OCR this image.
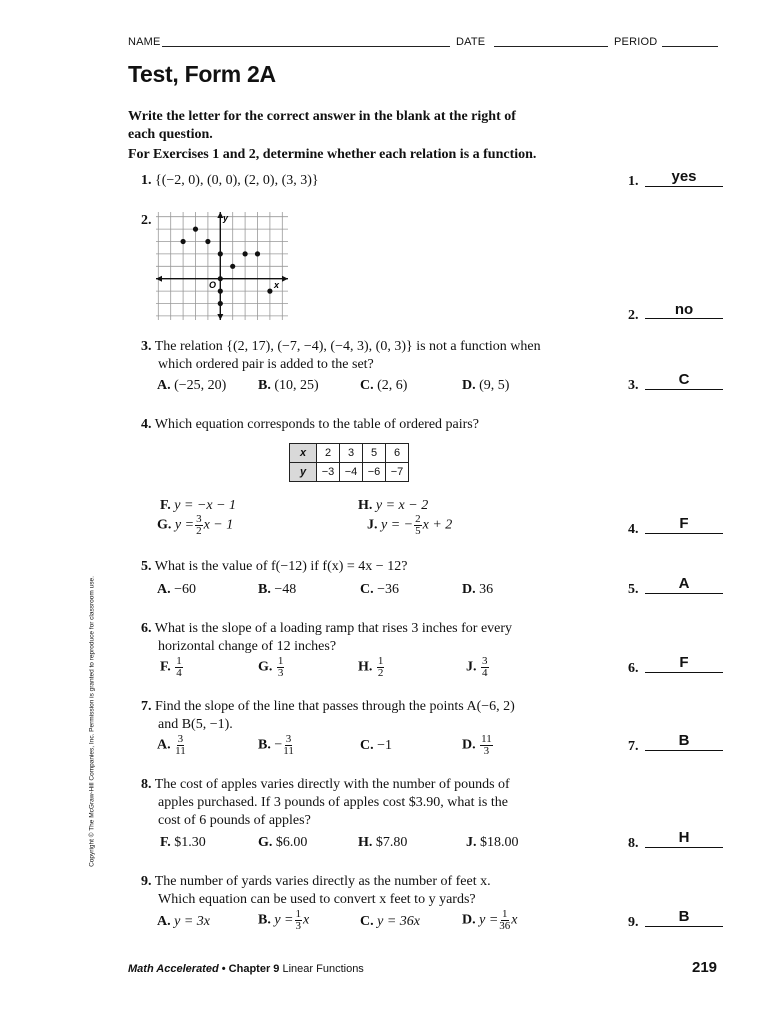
NAME	DATE	PERIOD
Test, Form 2A
Write the letter for the correct answer in the blank at the right of
each question.
For Exercises 1 and 2, determine whether each relation is a function.
1. {(−2, 0), (0, 0), (2, 0), (3, 3)}	1.	yes
2.	y
x
O
2.	no
3. The relation {(2, 17), (−7, −4), (−4, 3), (0, 3)} is not a function when
which ordered pair is added to the set?
A. (−25, 20) B. (10, 25)	C. (2, 6)	D. (9, 5)	3.	C
4. Which equation corresponds to the table of ordered pairs?
x	2	3	5	6
y	−3	−4	−6	−7
F. y = −x − 1	H. y = x − 2
G. $y = \frac{3}{2}$ x − 1	J. y = − $\frac{2}{5}$ x + 2	4.	F
5. What is the value of f(−12) if f(x) = 4x − 12?
A. −60	B. −48	C. −36	D. 36	5.	A
6. What is the slope of a loading ramp that rises 3 inches for every
horizontal change of 12 inches?
F. $\frac{1}{4}$	G. $\frac{1}{3}$	H. $\frac{1}{2}$	J. $\frac{3}{4}$	6.	F
7. Find the slope of the line that passes through the points A(−6, 2)
and B(5, −1).
A. $\frac{3}{11}$	B. − $\frac{3}{11}$	C. −1	D. $\frac{11}{3}$	7.	B
8. The cost of apples varies directly with the number of pounds of
apples purchased. If 3 pounds of apples cost $3.90, what is the
cost of 6 pounds of apples?
F. $1.30	G. $6.00	H. $7.80	J. $18.00	8.	H
9. The number of yards varies directly as the number of feet x.
Which equation can be used to convert x feet to y yards?
A. y = 3x	B. $y = \frac{1}{3}$ x	C. y = 36x	D. $y = \frac{1}{36}$ x	9.	B
Copyright © The McGraw-Hill Companies, Inc. Permission is granted to reproduce for classroom use.
Math Accelerated • Chapter 9 Linear Functions	219
